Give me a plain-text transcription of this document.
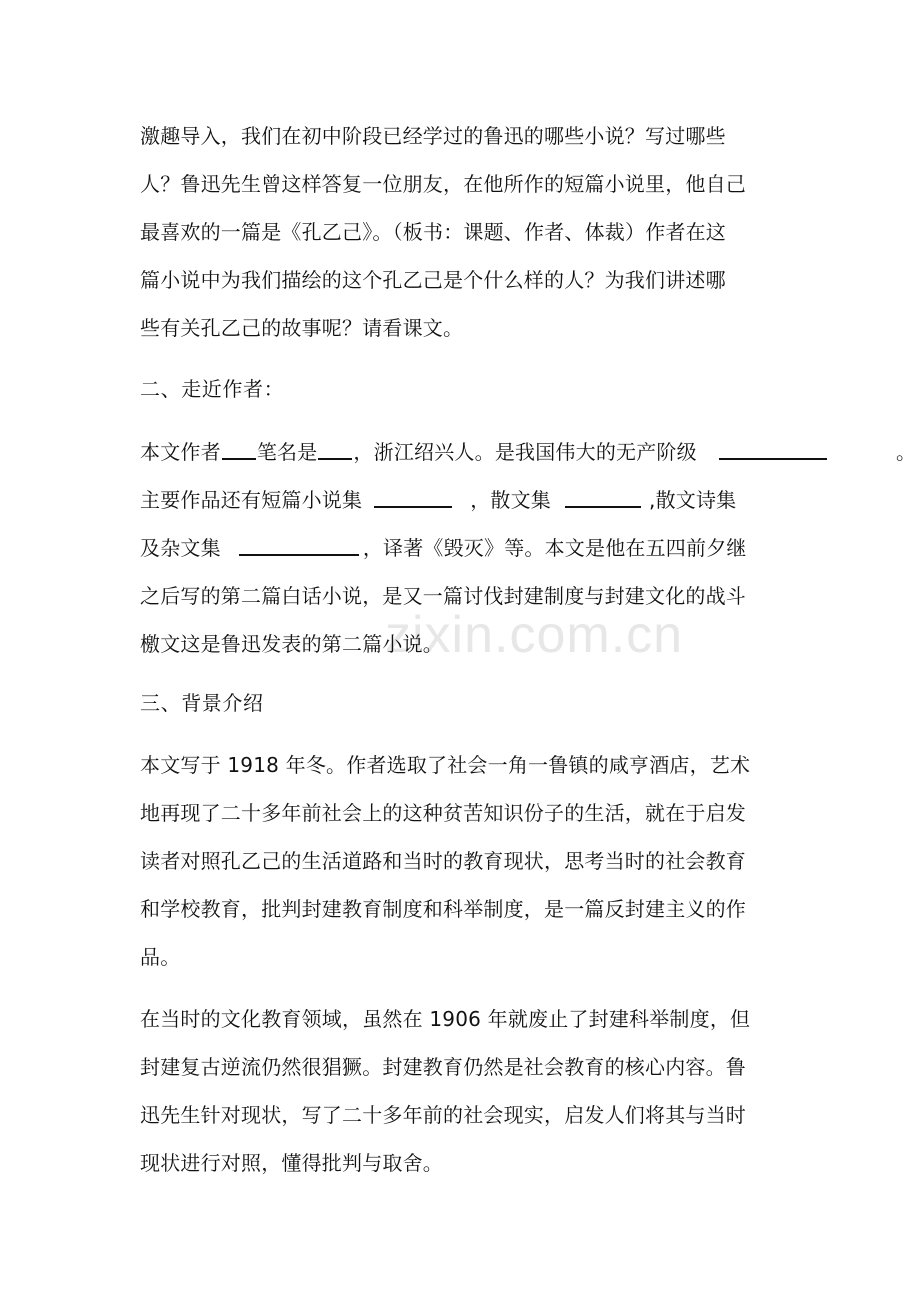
zixin.com.cn
激趣导入，我们在初中阶段已经学过的鲁迅的哪些小说？写过哪些
人？鲁迅先生曾这样答复一位朋友，在他所作的短篇小说里，他自己
最喜欢的一篇是《孔乙己》。（板书：课题、作者、体裁）作者在这
篇小说中为我们描绘的这个孔乙己是个什么样的人？为我们讲述哪
些有关孔乙己的故事呢？请看课文。
二、走近作者：
本文作者 笔名是 ，浙江绍兴人。是我国伟大的无产阶级	。
主要作品还有短篇小说集	，散文集	,散文诗集
及杂文集	，译著《毁灭》等。本文是他在五四前夕继
之后写的第二篇白话小说，是又一篇讨伐封建制度与封建文化的战斗
檄文这是鲁迅发表的第二篇小说。
三、背景介绍
本文写于 1918 年冬。作者选取了社会一角一鲁镇的咸亨酒店，艺术
地再现了二十多年前社会上的这种贫苦知识份子的生活，就在于启发
读者对照孔乙己的生活道路和当时的教育现状，思考当时的社会教育
和学校教育，批判封建教育制度和科举制度，是一篇反封建主义的作
品。
在当时的文化教育领域，虽然在 1906 年就废止了封建科举制度，但
封建复古逆流仍然很猖獗。封建教育仍然是社会教育的核心内容。鲁
迅先生针对现状，写了二十多年前的社会现实，启发人们将其与当时
现状进行对照，懂得批判与取舍。
